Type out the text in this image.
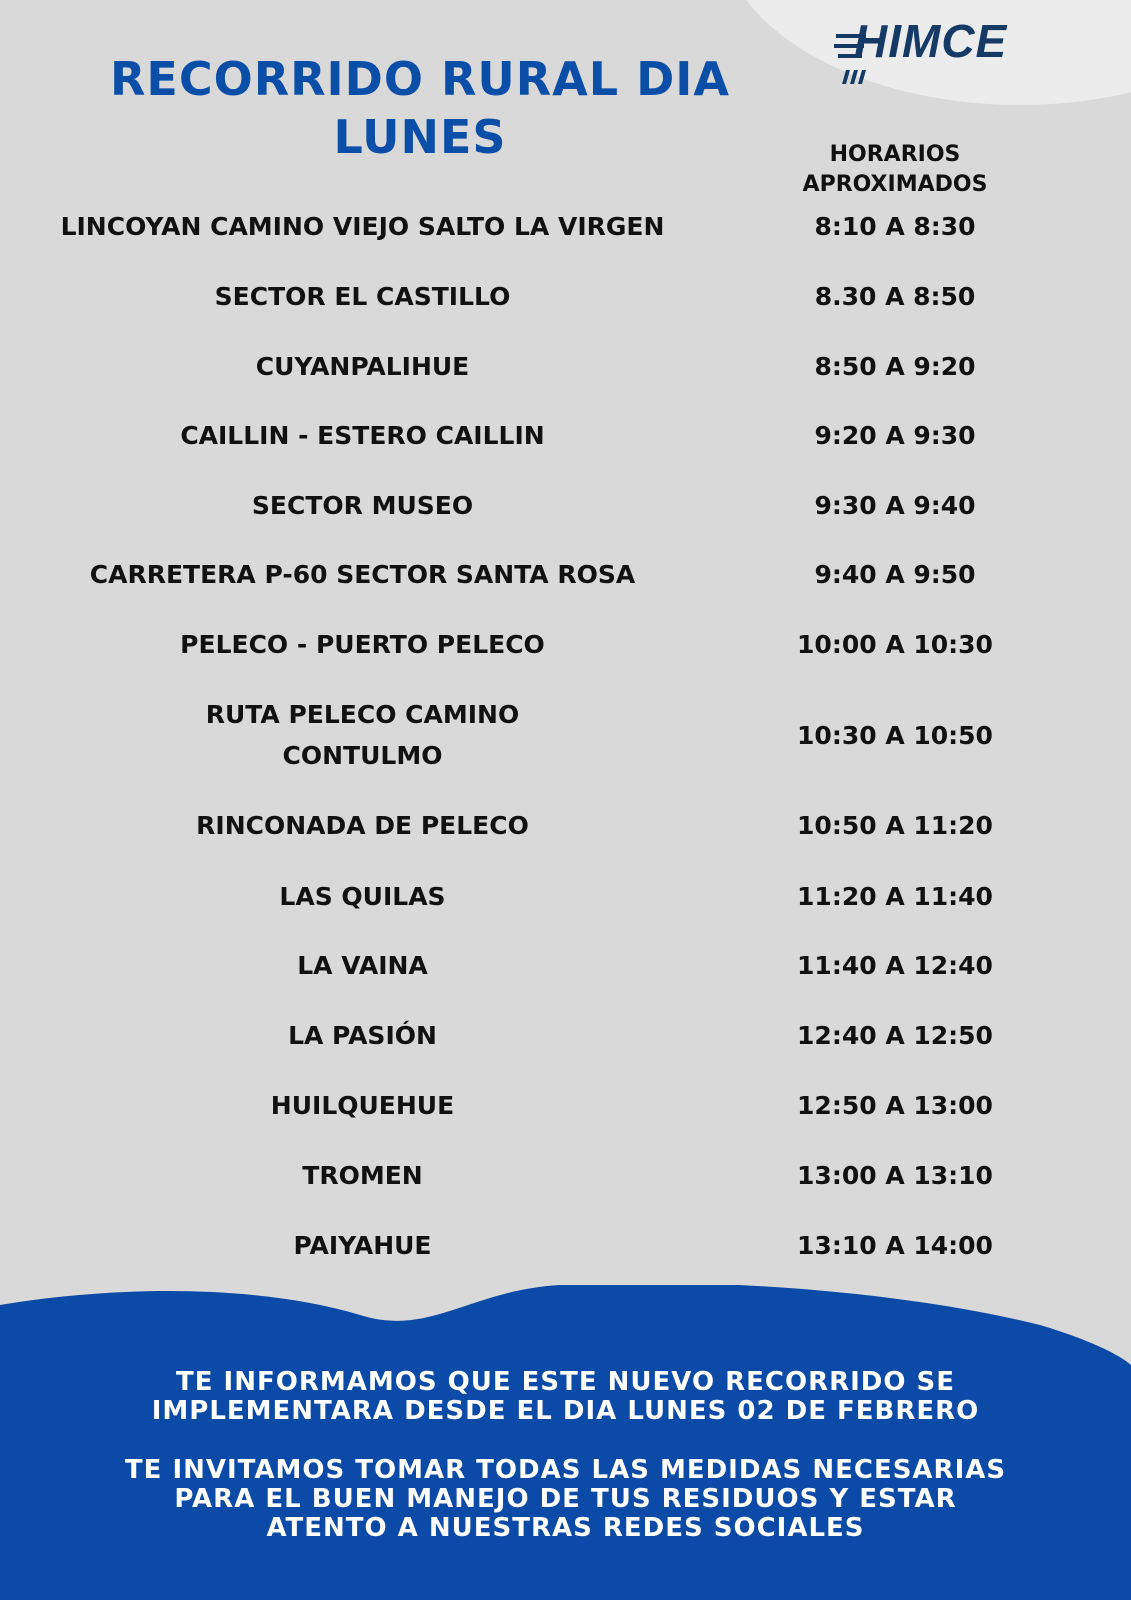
HIMCE
RECORRIDO RURAL DIA
LUNES	HORARIOS
APROXIMADOS
LINCOYAN CAMINO VIEJO SALTO LA VIRGEN	8:10 A 8:30
SECTOR EL CASTILLO	8.30 A 8:50
CUYANPALIHUE	8:50 A 9:20
CAILLIN - ESTERO CAILLIN	9:20 A 9:30
SECTOR MUSEO	9:30 A 9:40
CARRETERA P-60 SECTOR SANTA ROSA	9:40 A 9:50
PELECO - PUERTO PELECO	10:00 A 10:30
RUTA PELECO CAMINO
CONTULMO
10:30 A 10:50
RINCONADA DE PELECO	10:50 A 11:20
LAS QUILAS	11:20 A 11:40
LA VAINA	11:40 A 12:40
LA PASIÓN	12:40 A 12:50
HUILQUEHUE	12:50 A 13:00
TROMEN	13:00 A 13:10
PAIYAHUE	13:10 A 14:00

TE INFORMAMOS QUE ESTE NUEVO RECORRIDO SE
IMPLEMENTARA DESDE EL DIA LUNES 02 DE FEBRERO

TE INVITAMOS TOMAR TODAS LAS MEDIDAS NECESARIAS
PARA EL BUEN MANEJO DE TUS RESIDUOS Y ESTAR
ATENTO A NUESTRAS REDES SOCIALES
